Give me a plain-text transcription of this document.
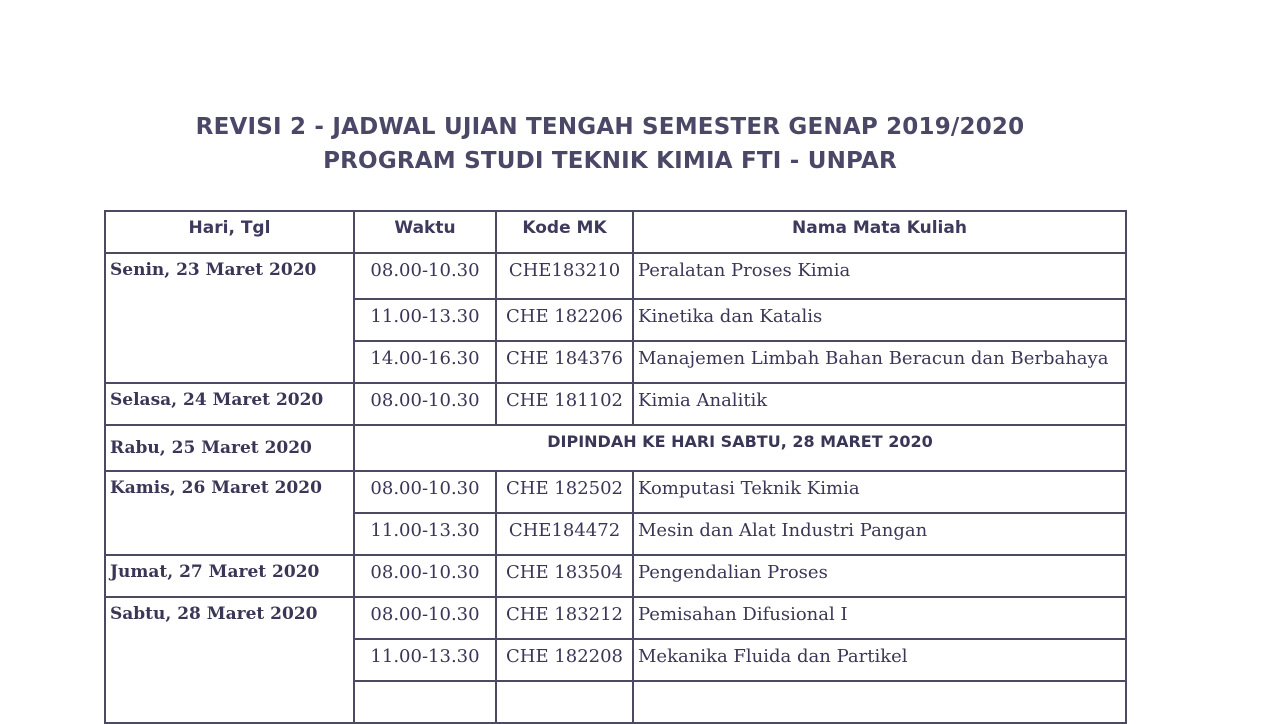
REVISI 2 - JADWAL UJIAN TENGAH SEMESTER GENAP 2019/2020
PROGRAM STUDI TEKNIK KIMIA FTI - UNPAR
Hari, Tgl	Waktu	Kode MK	Nama Mata Kuliah
Senin, 23 Maret 2020	08.00-10.30	CHE183210	Peralatan Proses Kimia
	11.00-13.30	CHE 182206	Kinetika dan Katalis
	14.00-16.30	CHE 184376	Manajemen Limbah Bahan Beracun dan Berbahaya
Selasa, 24 Maret 2020	08.00-10.30	CHE 181102	Kimia Analitik
Rabu, 25 Maret 2020	DIPINDAH KE HARI SABTU, 28 MARET 2020		
Kamis, 26 Maret 2020	08.00-10.30	CHE 182502	Komputasi Teknik Kimia
	11.00-13.30	CHE184472	Mesin dan Alat Industri Pangan
Jumat, 27 Maret 2020	08.00-10.30	CHE 183504	Pengendalian Proses
Sabtu, 28 Maret 2020	08.00-10.30	CHE 183212	Pemisahan Difusional I
	11.00-13.30	CHE 182208	Mekanika Fluida dan Partikel
